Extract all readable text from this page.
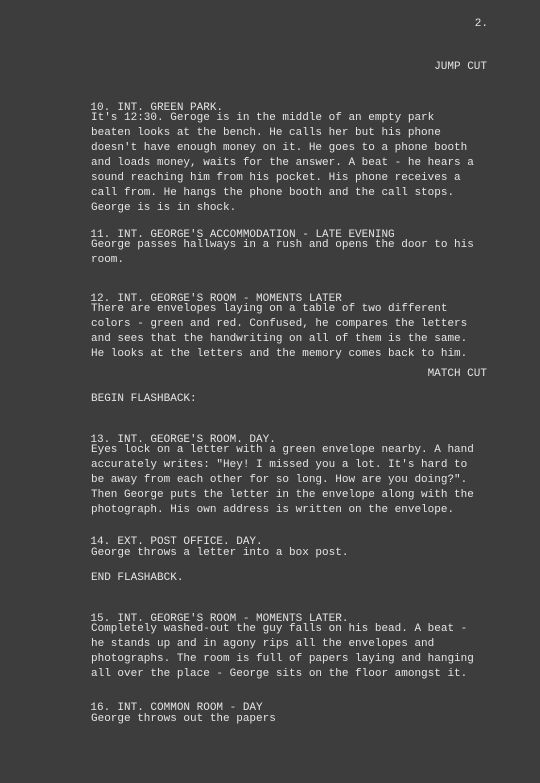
2.
JUMP CUT

10. INT. GREEN PARK.

It's 12:30. Geroge is in the middle of an empty park
beaten looks at the bench. He calls her but his phone
doesn't have enough money on it. He goes to a phone booth
and loads money, waits for the answer. A beat - he hears a
sound reaching him from his pocket. His phone receives a
call from. He hangs the phone booth and the call stops.
George is is in shock.

11. INT. GEORGE'S ACCOMMODATION - LATE EVENING

George passes hallways in a rush and opens the door to his
room.

12. INT. GEORGE'S ROOM - MOMENTS LATER

There are envelopes laying on a table of two different
colors - green and red. Confused, he compares the letters
and sees that the handwriting on all of them is the same.
He looks at the letters and the memory comes back to him.
MATCH CUT
BEGIN FLASHBACK:

13. INT. GEORGE'S ROOM. DAY.

Eyes lock on a letter with a green envelope nearby. A hand
accurately writes: "Hey! I missed you a lot. It's hard to
be away from each other for so long. How are you doing?".
Then George puts the letter in the envelope along with the
photograph. His own address is written on the envelope.

14. EXT. POST OFFICE. DAY.

George throws a letter into a box post.
END FLASHABCK.

15. INT. GEORGE'S ROOM - MOMENTS LATER.

Completely washed-out the guy falls on his bead. A beat -
he stands up and in agony rips all the envelopes and
photographs. The room is full of papers laying and hanging
all over the place - George sits on the floor amongst it.

16. INT. COMMON ROOM - DAY

George throws out the papers
